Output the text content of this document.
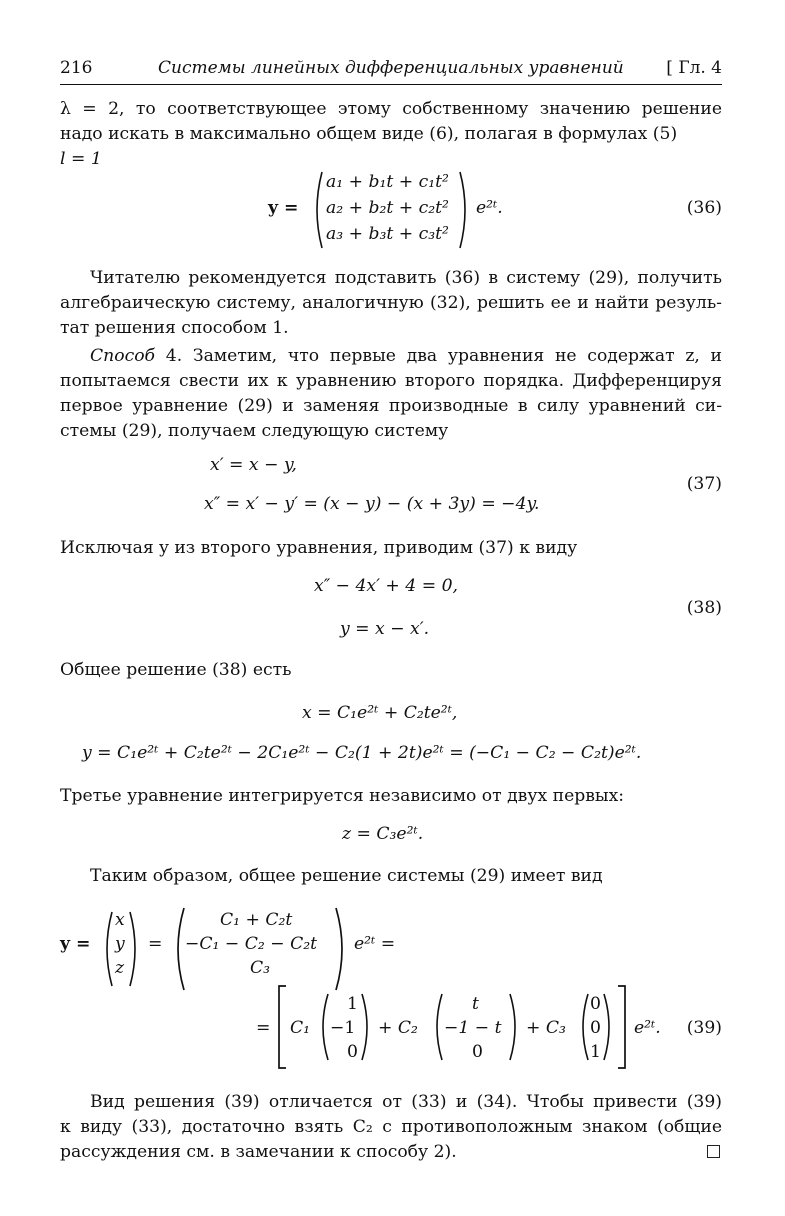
216	Системы линейных дифференциальных уравнений	[ Гл. 4
λ = 2, то соответствующее этому собственному значению решение
надо искать в максимально общем виде (6), полагая в формулах (5)
l = 1
y =
a₁ + b₁t + c₁t²
a₂ + b₂t + c₂t²
a₃ + b₃t + c₃t²
e²ᵗ.	(36)
Читателю рекомендуется подставить (36) в систему (29), получить
алгебраическую систему, аналогичную (32), решить ее и найти резуль-
тат решения способом 1.
Способ 4. Заметим, что первые два уравнения не содержат z, и
попытаемся свести их к уравнению второго порядка. Дифференцируя
первое уравнение (29) и заменяя производные в силу уравнений си-
стемы (29), получаем следующую систему
x′ = x − y,
x″ = x′ − y′ = (x − y) − (x + 3y) = −4y.
(37)
Исключая y из второго уравнения, приводим (37) к виду
x″ − 4x′ + 4 = 0,
y = x − x′.
(38)
Общее решение (38) есть
x = C₁e²ᵗ + C₂te²ᵗ,
y = C₁e²ᵗ + C₂te²ᵗ − 2C₁e²ᵗ − C₂(1 + 2t)e²ᵗ = (−C₁ − C₂ − C₂t)e²ᵗ.
Третье уравнение интегрируется независимо от двух первых:
z = C₃e²ᵗ.
Таким образом, общее решение системы (29) имеет вид
y =
x
y
z
=
C₁ + C₂t
−C₁ − C₂ − C₂t
C₃
e²ᵗ =
= C₁
1
−1
0
+ C₂
t
−1 − t
0
+ C₃
0
0
1
e²ᵗ. (39)
Вид решения (39) отличается от (33) и (34). Чтобы привести (39)
к виду (33), достаточно взять C₂ с противоположным знаком (общие
рассуждения см. в замечании к способу 2).
